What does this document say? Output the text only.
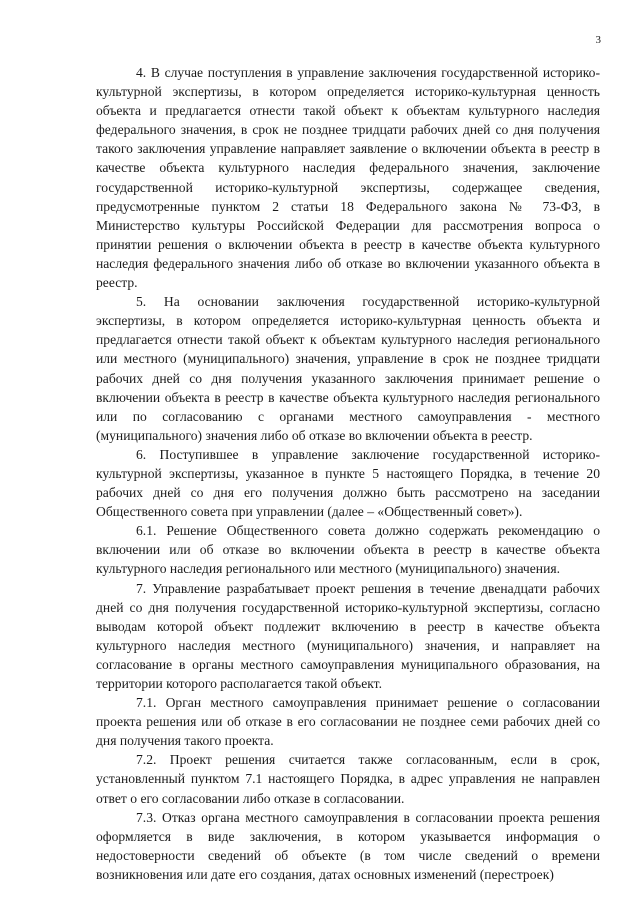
3

4. В случае поступления в управление заключения государственной историко-культурной экспертизы, в котором определяется историко-культурная ценность объекта и предлагается отнести такой объект к объектам культурного наследия федерального значения, в срок не позднее тридцати рабочих дней со дня получения такого заключения управление направляет заявление о включении объекта в реестр в качестве объекта культурного наследия федерального значения, заключение государственной историко-культурной экспертизы, содержащее сведения, предусмотренные пунктом 2 статьи 18 Федерального закона № 73-ФЗ, в Министерство культуры Российской Федерации для рассмотрения вопроса о принятии решения о включении объекта в реестр в качестве объекта культурного наследия федерального значения либо об отказе во включении указанного объекта в реестр.

5. На основании заключения государственной историко-культурной экспертизы, в котором определяется историко-культурная ценность объекта и предлагается отнести такой объект к объектам культурного наследия регионального или местного (муниципального) значения, управление в срок не позднее тридцати рабочих дней со дня получения указанного заключения принимает решение о включении объекта в реестр в качестве объекта культурного наследия регионального или по согласованию с органами местного самоуправления - местного (муниципального) значения либо об отказе во включении объекта в реестр.

6. Поступившее в управление заключение государственной историко-культурной экспертизы, указанное в пункте 5 настоящего Порядка, в течение 20 рабочих дней со дня его получения должно быть рассмотрено на заседании Общественного совета при управлении (далее – «Общественный совет»).

6.1. Решение Общественного совета должно содержать рекомендацию о включении или об отказе во включении объекта в реестр в качестве объекта культурного наследия регионального или местного (муниципального) значения.

7. Управление разрабатывает проект решения в течение двенадцати рабочих дней со дня получения государственной историко-культурной экспертизы, согласно выводам которой объект подлежит включению в реестр в качестве объекта культурного наследия местного (муниципального) значения, и направляет на согласование в органы местного самоуправления муниципального образования, на территории которого располагается такой объект.

7.1. Орган местного самоуправления принимает решение о согласовании проекта решения или об отказе в его согласовании не позднее семи рабочих дней со дня получения такого проекта.

7.2. Проект решения считается также согласованным, если в срок, установленный пунктом 7.1 настоящего Порядка, в адрес управления не направлен ответ о его согласовании либо отказе в согласовании.

7.3. Отказ органа местного самоуправления в согласовании проекта решения оформляется в виде заключения, в котором указывается информация о недостоверности сведений об объекте (в том числе сведений о времени возникновения или дате его создания, датах основных изменений (перестроек)
